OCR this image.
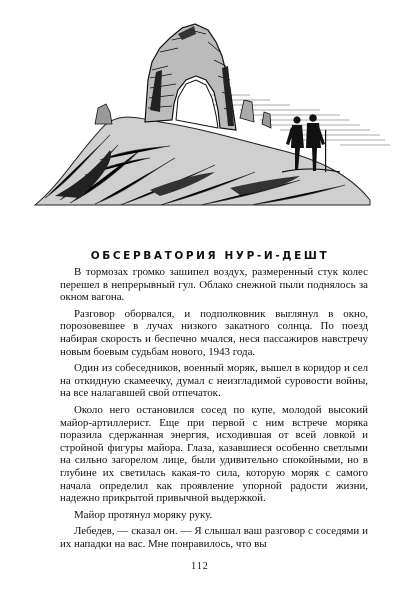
ОБСЕРВАТОРИЯ НУР-И-ДЕШТ

В тормозах громко зашипел воздух, размеренный стук колес перешел в непрерывный гул. Облако снежной пыли поднялось за окном вагона.

Разговор оборвался, и подполковник выглянул в окно, порозовевшее в лучах низкого закатного солнца. По поезд набирая скорость и беспечно мчался, неся пассажиров навстречу новым боевым судьбам нового, 1943 года.

Один из собеседников, военный моряк, вышел в коридор и сел на откидную скамеечку, думал с неизгладимой суровости войны, на все налагавшей свой отпечаток.

Около него остановился сосед по купе, молодой высокий майор-артиллерист. Еще при первой с ним встрече моряка поразила сдержанная энергия, исходившая от всей ловкой и стройной фигуры майора. Глаза, казавшиеся особенно светлыми на сильно загорелом лице, были удивительно спокойными, но в глубине их светилась какая-то сила, которую моряк с самого начала определил как проявление упорной радости жизни, надежно прикрытой привычной выдержкой.

Майор протянул моряку руку.

Лебедев, — сказал он. — Я слышал ваш разговор с соседями и их нападки на вас. Мне понравилось, что вы

112
